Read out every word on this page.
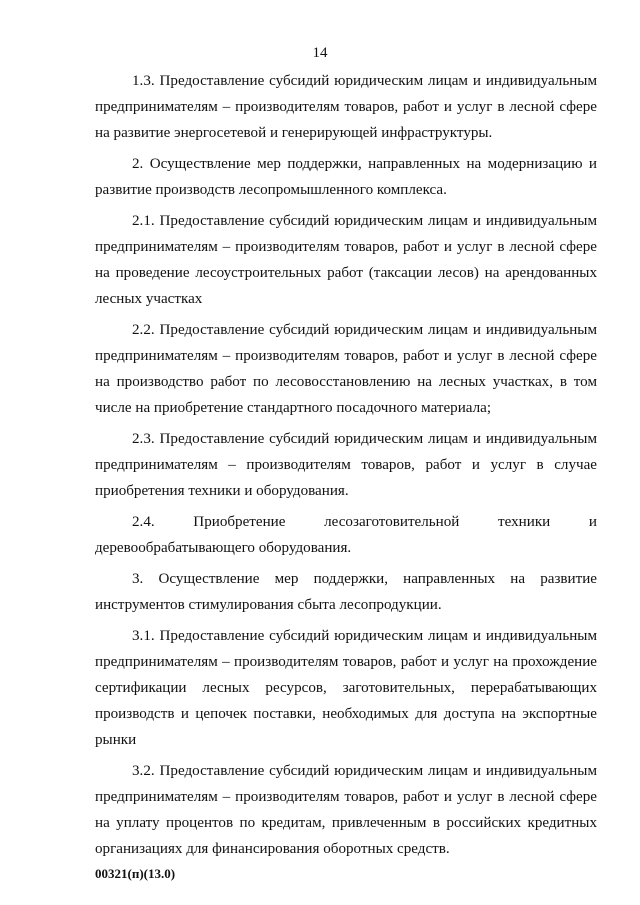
14

1.3. Предоставление субсидий юридическим лицам и индивидуальным предпринимателям – производителям товаров, работ и услуг в лесной сфере на развитие энергосетевой и генерирующей инфраструктуры.

2. Осуществление мер поддержки, направленных на модернизацию и развитие производств лесопромышленного комплекса.

2.1. Предоставление субсидий юридическим лицам и индивидуальным предпринимателям – производителям товаров, работ и услуг в лесной сфере на проведение лесоустроительных работ (таксации лесов) на арендованных лесных участках

2.2. Предоставление субсидий юридическим лицам и индивидуальным предпринимателям – производителям товаров, работ и услуг в лесной сфере на производство работ по лесовосстановлению на лесных участках, в том числе на приобретение стандартного посадочного материала;

2.3. Предоставление субсидий юридическим лицам и индивидуальным предпринимателям – производителям товаров, работ и услуг в случае приобретения техники и оборудования.

2.4. Приобретение лесозаготовительной техники и деревообрабатывающего оборудования.

3. Осуществление мер поддержки, направленных на развитие инструментов стимулирования сбыта лесопродукции.

3.1. Предоставление субсидий юридическим лицам и индивидуальным предпринимателям – производителям товаров, работ и услуг на прохождение сертификации лесных ресурсов, заготовительных, перерабатывающих производств и цепочек поставки, необходимых для доступа на экспортные рынки

3.2. Предоставление субсидий юридическим лицам и индивидуальным предпринимателям – производителям товаров, работ и услуг в лесной сфере на уплату процентов по кредитам, привлеченным в российских кредитных организациях для финансирования оборотных средств.

00321(п)(13.0)
